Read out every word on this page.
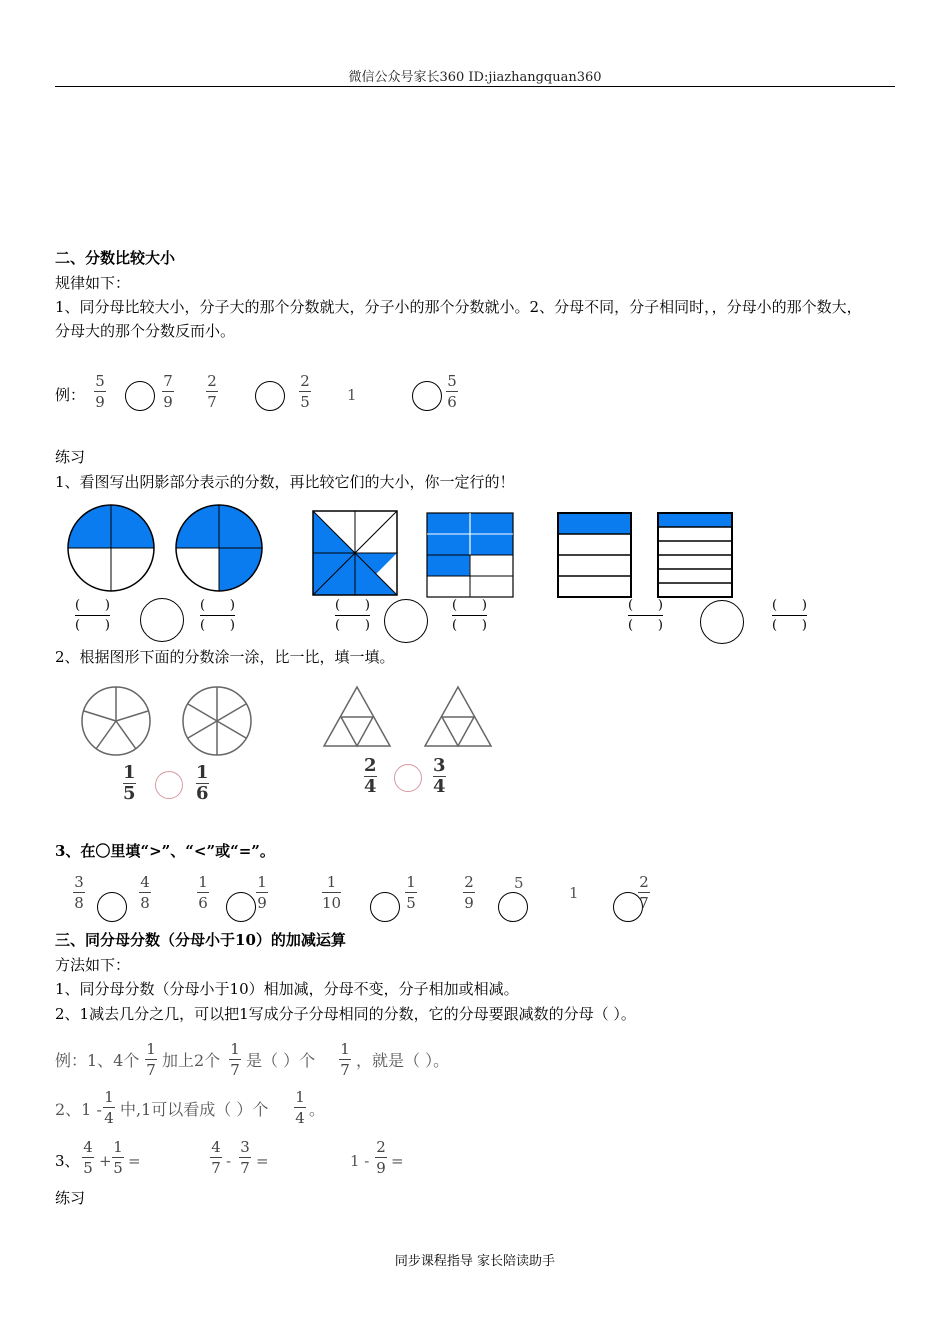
微信公众号家长360 ID:jiazhangquan360
二、分数比较大小
规律如下：
1、同分母比较大小，分子大的那个分数就大，分子小的那个分数就小。2、分母不同，分子相同时，，分母小的那个数大，
分母大的那个分数反而小。
例：
5
9
7
9
2
7
2
5 1
5
6
练习
1、看图写出阴影部分表示的分数，再比较它们的大小，你一定行的！
(      )
(      )
(      )
(      )
(      )
(      )
(      )
(      )
(      )
(      )
(      )
(      )
2、根据图形下面的分数涂一涂，比一比，填一填。
1
5
1
6
2
4
3
4
3、在〇里填“>”、“<”或“=”。
3
8
4
8
1
6
1
9
1
10
1
5
2
9
5
1
2
7
三、同分母分数（分母小于10）的加减运算
方法如下：
1、同分母分数（分母小于10）相加减，分母不变，分子相加或相减。
2、1减去几分之几，可以把1写成分子分母相同的分数，它的分母要跟减数的分母（ ）。
例：1、4个
1
7 加上2个
1
7 是（ ）个
1
7 ，就是（ ）。
2、1 -
1
4 中,1可以看成（ ）个
1
4 。
3、
4
5 +
1
5 =
4
7 -
3
7 =	1 -
2
9 =
练习
同步课程指导 家长陪读助手
